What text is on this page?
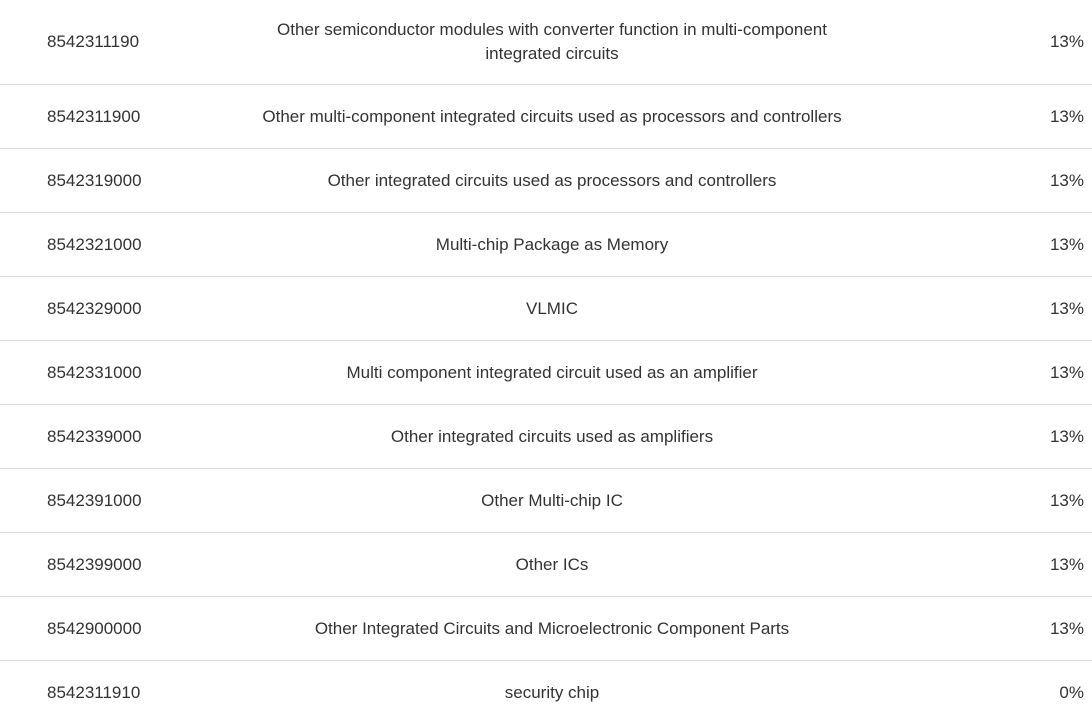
8542311190	Other semiconductor modules with converter function in multi-component
integrated circuits	13%
8542311900	Other multi-component integrated circuits used as processors and controllers	13%
8542319000	Other integrated circuits used as processors and controllers	13%
8542321000	Multi-chip Package as Memory	13%
8542329000	VLMIC	13%
8542331000	Multi component integrated circuit used as an amplifier	13%
8542339000	Other integrated circuits used as amplifiers	13%
8542391000	Other Multi-chip IC	13%
8542399000	Other ICs	13%
8542900000	Other Integrated Circuits and Microelectronic Component Parts	13%
8542311910	security chip	0%
